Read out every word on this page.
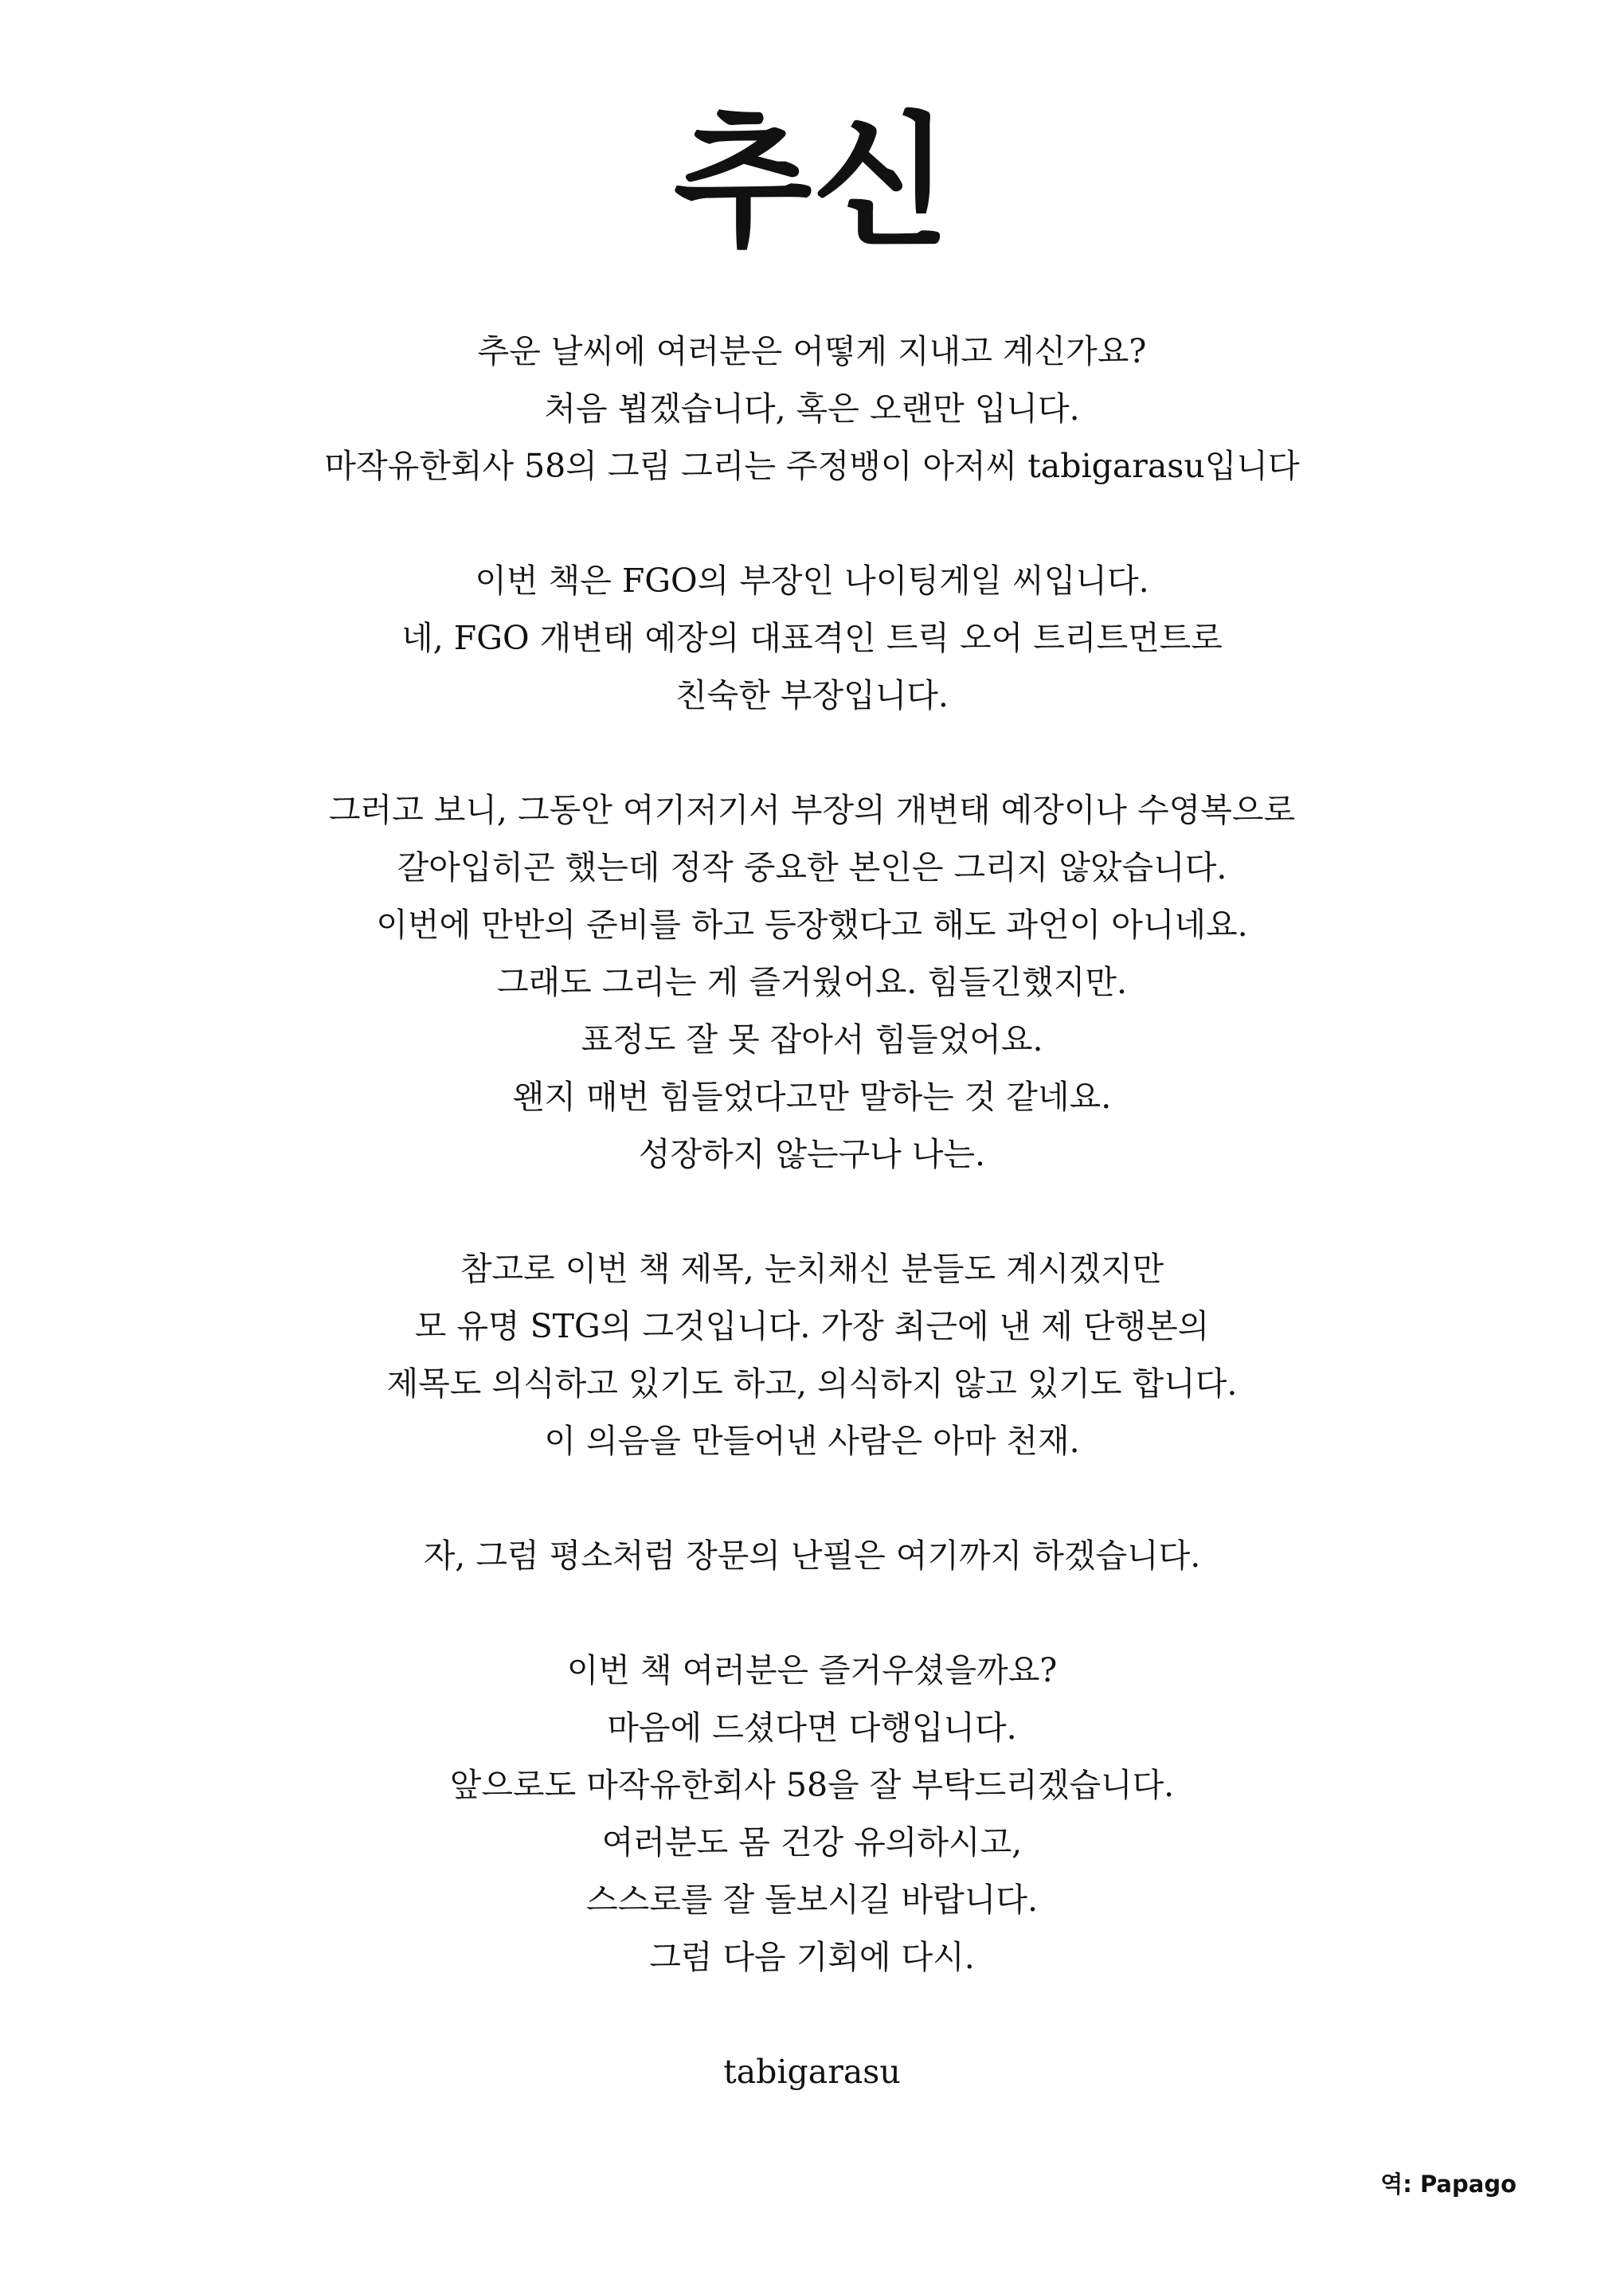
추신
추운 날씨에 여러분은 어떻게 지내고 계신가요?
처음 뵙겠습니다, 혹은 오랜만 입니다.
마작유한회사 58의 그림 그리는 주정뱅이 아저씨 tabigarasu입니다
이번 책은 FGO의 부장인 나이팅게일 씨입니다.
네, FGO 개변태 예장의 대표격인 트릭 오어 트리트먼트로
친숙한 부장입니다.
그러고 보니, 그동안 여기저기서 부장의 개변태 예장이나 수영복으로
갈아입히곤 했는데 정작 중요한 본인은 그리지 않았습니다.
이번에 만반의 준비를 하고 등장했다고 해도 과언이 아니네요.
그래도 그리는 게 즐거웠어요. 힘들긴했지만.
표정도 잘 못 잡아서 힘들었어요.
왠지 매번 힘들었다고만 말하는 것 같네요.
성장하지 않는구나 나는.
참고로 이번 책 제목, 눈치채신 분들도 계시겠지만
모 유명 STG의 그것입니다. 가장 최근에 낸 제 단행본의
제목도 의식하고 있기도 하고, 의식하지 않고 있기도 합니다.
이 의음을 만들어낸 사람은 아마 천재.
자, 그럼 평소처럼 장문의 난필은 여기까지 하겠습니다.
이번 책 여러분은 즐거우셨을까요?
마음에 드셨다면 다행입니다.
앞으로도 마작유한회사 58을 잘 부탁드리겠습니다.
여러분도 몸 건강 유의하시고,
스스로를 잘 돌보시길 바랍니다.
그럼 다음 기회에 다시.
tabigarasu
역: Papago
